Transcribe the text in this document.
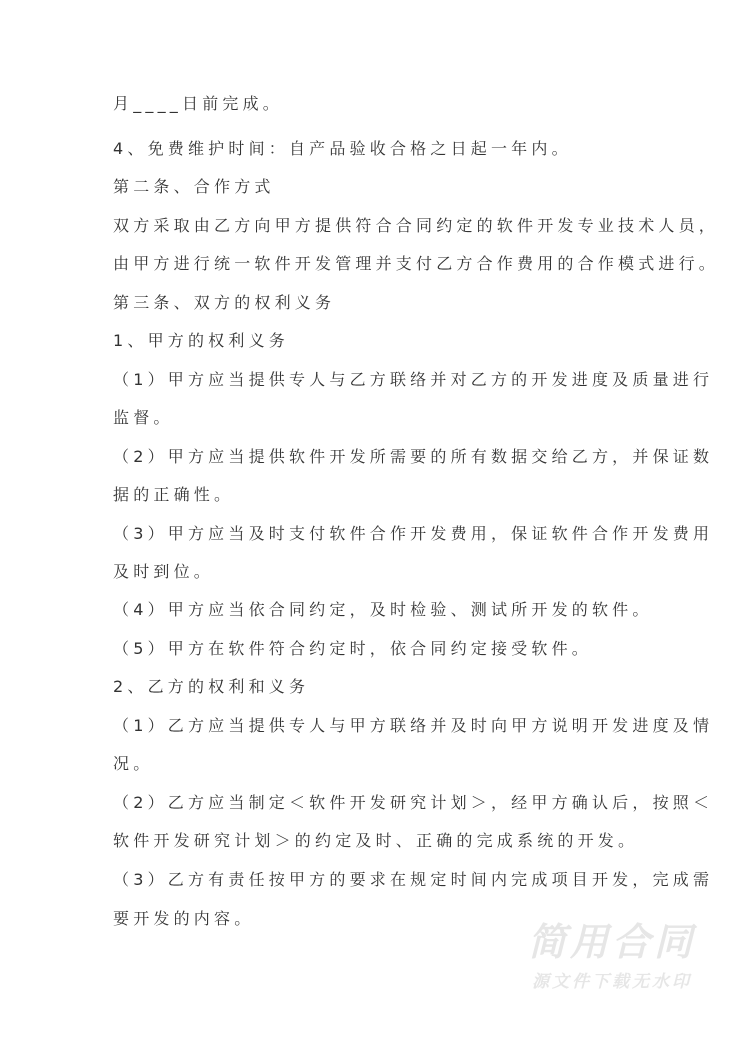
月____日前完成。
4、免费维护时间：自产品验收合格之日起一年内。
第二条、合作方式
双方采取由乙方向甲方提供符合合同约定的软件开发专业技术人员，
由甲方进行统一软件开发管理并支付乙方合作费用的合作模式进行。
第三条、双方的权利义务
1、甲方的权利义务
（1）甲方应当提供专人与乙方联络并对乙方的开发进度及质量进行
监督。
（2）甲方应当提供软件开发所需要的所有数据交给乙方，并保证数
据的正确性。
（3）甲方应当及时支付软件合作开发费用，保证软件合作开发费用
及时到位。
（4）甲方应当依合同约定，及时检验、测试所开发的软件。
（5）甲方在软件符合约定时，依合同约定接受软件。
2、乙方的权利和义务
（1）乙方应当提供专人与甲方联络并及时向甲方说明开发进度及情
况。
（2）乙方应当制定＜软件开发研究计划＞，经甲方确认后，按照＜
软件开发研究计划＞的约定及时、正确的完成系统的开发。
（3）乙方有责任按甲方的要求在规定时间内完成项目开发，完成需
要开发的内容。
简用合同
源文件下载无水印
